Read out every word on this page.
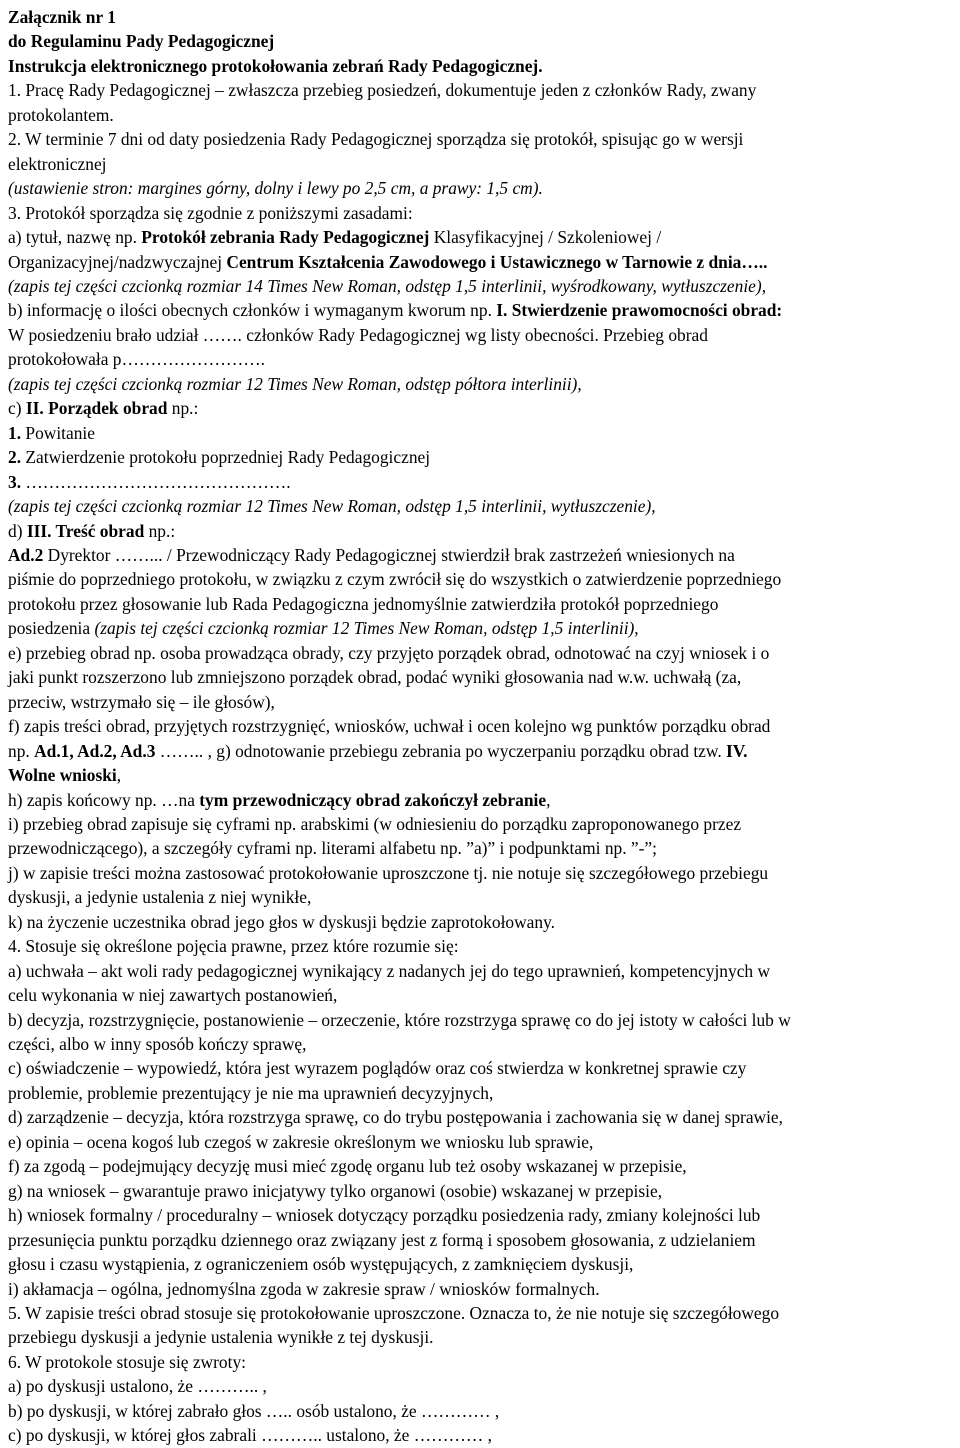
Załącznik nr 1
do Regulaminu Pady Pedagogicznej
Instrukcja elektronicznego protokołowania zebrań Rady Pedagogicznej.
1. Pracę Rady Pedagogicznej – zwłaszcza przebieg posiedzeń, dokumentuje jeden z członków Rady, zwany
protokolantem.
2. W terminie 7 dni od daty posiedzenia Rady Pedagogicznej sporządza się protokół, spisując go w wersji
elektronicznej
(ustawienie stron: margines górny, dolny i lewy po 2,5 cm, a prawy: 1,5 cm).
3. Protokół sporządza się zgodnie z poniższymi zasadami:
a) tytuł, nazwę np. Protokół zebrania Rady Pedagogicznej Klasyfikacyjnej / Szkoleniowej /
Organizacyjnej/nadzwyczajnej Centrum Kształcenia Zawodowego i Ustawicznego w Tarnowie z dnia…..
(zapis tej części czcionką rozmiar 14 Times New Roman, odstęp 1,5 interlinii, wyśrodkowany, wytłuszczenie),
b) informację o ilości obecnych członków i wymaganym kworum np. I. Stwierdzenie prawomocności obrad:
W posiedzeniu brało udział ……. członków Rady Pedagogicznej wg listy obecności. Przebieg obrad
protokołowała p…………………….
(zapis tej części czcionką rozmiar 12 Times New Roman, odstęp półtora interlinii),
c) II. Porządek obrad np.:
1. Powitanie
2. Zatwierdzenie protokołu poprzedniej Rady Pedagogicznej
3. ……………………………………….
(zapis tej części czcionką rozmiar 12 Times New Roman, odstęp 1,5 interlinii, wytłuszczenie),
d) III. Treść obrad np.:
Ad.2 Dyrektor ……... / Przewodniczący Rady Pedagogicznej stwierdził brak zastrzeżeń wniesionych na
piśmie do poprzedniego protokołu, w związku z czym zwrócił się do wszystkich o zatwierdzenie poprzedniego
protokołu przez głosowanie lub Rada Pedagogiczna jednomyślnie zatwierdziła protokół poprzedniego
posiedzenia (zapis tej części czcionką rozmiar 12 Times New Roman, odstęp 1,5 interlinii),
e) przebieg obrad np. osoba prowadząca obrady, czy przyjęto porządek obrad, odnotować na czyj wniosek i o
jaki punkt rozszerzono lub zmniejszono porządek obrad, podać wyniki głosowania nad w.w. uchwałą (za,
przeciw, wstrzymało się – ile głosów),
f) zapis treści obrad, przyjętych rozstrzygnięć, wniosków, uchwał i ocen kolejno wg punktów porządku obrad
np. Ad.1, Ad.2, Ad.3 …….. , g) odnotowanie przebiegu zebrania po wyczerpaniu porządku obrad tzw. IV.
Wolne wnioski,
h) zapis końcowy np. …na tym przewodniczący obrad zakończył zebranie,
i) przebieg obrad zapisuje się cyframi np. arabskimi (w odniesieniu do porządku zaproponowanego przez
przewodniczącego), a szczegóły cyframi np. literami alfabetu np. ”a)” i podpunktami np. ”-”;
j) w zapisie treści można zastosować protokołowanie uproszczone tj. nie notuje się szczegółowego przebiegu
dyskusji, a jedynie ustalenia z niej wynikłe,
k) na życzenie uczestnika obrad jego głos w dyskusji będzie zaprotokołowany.
4. Stosuje się określone pojęcia prawne, przez które rozumie się:
a) uchwała – akt woli rady pedagogicznej wynikający z nadanych jej do tego uprawnień, kompetencyjnych w
celu wykonania w niej zawartych postanowień,
b) decyzja, rozstrzygnięcie, postanowienie – orzeczenie, które rozstrzyga sprawę co do jej istoty w całości lub w
części, albo w inny sposób kończy sprawę,
c) oświadczenie – wypowiedź, która jest wyrazem poglądów oraz coś stwierdza w konkretnej sprawie czy
problemie, problemie prezentujący je nie ma uprawnień decyzyjnych,
d) zarządzenie – decyzja, która rozstrzyga sprawę, co do trybu postępowania i zachowania się w danej sprawie,
e) opinia – ocena kogoś lub czegoś w zakresie określonym we wniosku lub sprawie,
f) za zgodą – podejmujący decyzję musi mieć zgodę organu lub też osoby wskazanej w przepisie,
g) na wniosek – gwarantuje prawo inicjatywy tylko organowi (osobie) wskazanej w przepisie,
h) wniosek formalny / proceduralny – wniosek dotyczący porządku posiedzenia rady, zmiany kolejności lub
przesunięcia punktu porządku dziennego oraz związany jest z formą i sposobem głosowania, z udzielaniem
głosu i czasu wystąpienia, z ograniczeniem osób występujących, z zamknięciem dyskusji,
i) akłamacja – ogólna, jednomyślna zgoda w zakresie spraw / wniosków formalnych.
5. W zapisie treści obrad stosuje się protokołowanie uproszczone. Oznacza to, że nie notuje się szczegółowego
przebiegu dyskusji a jedynie ustalenia wynikłe z tej dyskusji.
6. W protokole stosuje się zwroty:
a) po dyskusji ustalono, że ……….. ,
b) po dyskusji, w której zabrało głos ….. osób ustalono, że ………… ,
c) po dyskusji, w której głos zabrali ……….. ustalono, że ………… ,
